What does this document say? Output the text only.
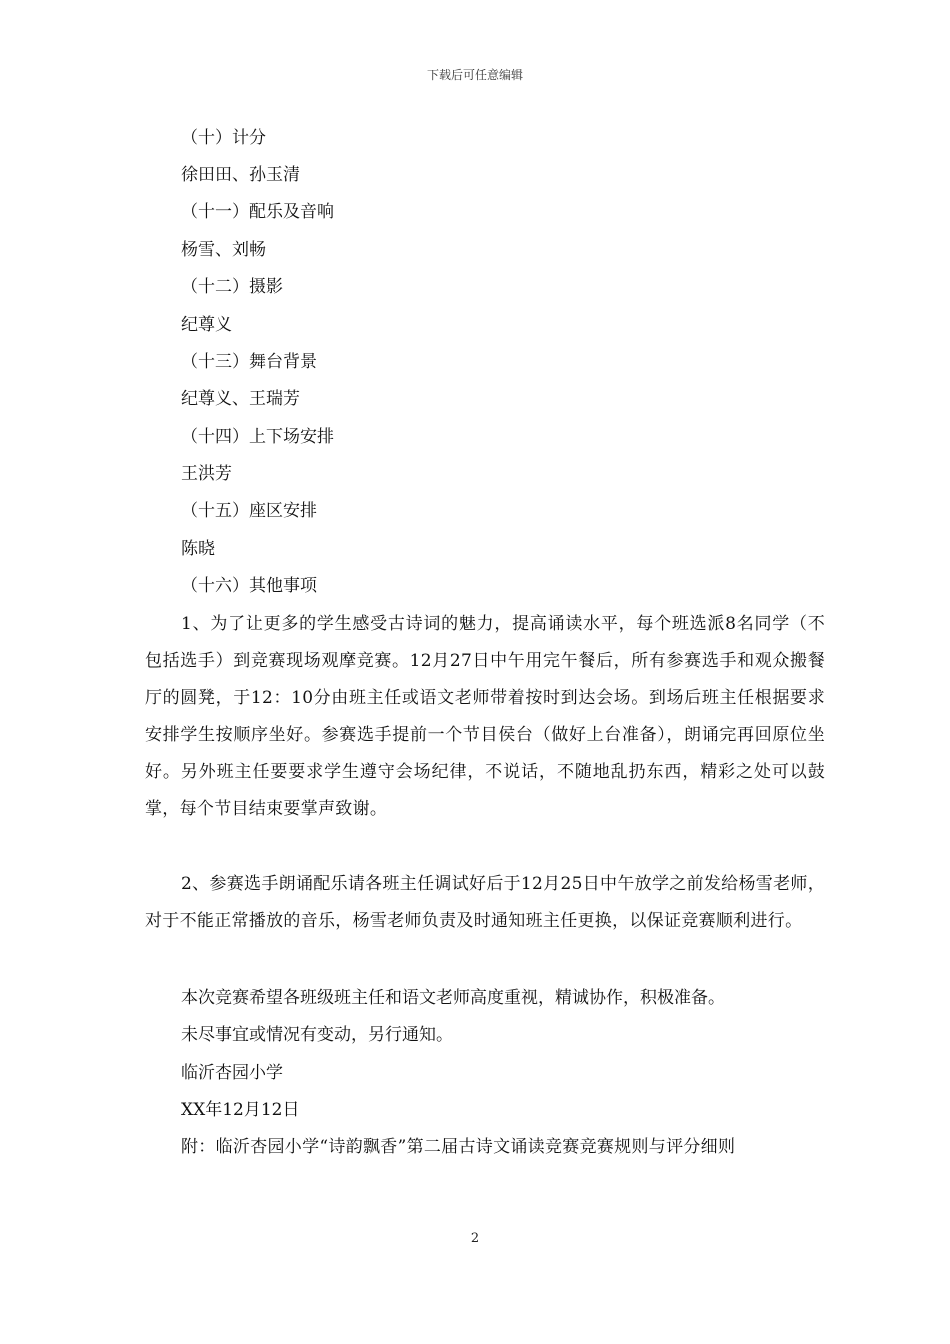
下载后可任意编辑
（十）计分
徐田田、孙玉清
（十一）配乐及音响
杨雪、刘畅
（十二）摄影
纪尊义
（十三）舞台背景
纪尊义、王瑞芳
（十四）上下场安排
王洪芳
（十五）座区安排
陈晓
（十六）其他事项
1、为了让更多的学生感受古诗词的魅力，提高诵读水平，每个班选派8名同学（不包括选手）到竞赛现场观摩竞赛。12月27日中午用完午餐后，所有参赛选手和观众搬餐厅的圆凳，于12：10分由班主任或语文老师带着按时到达会场。到场后班主任根据要求安排学生按顺序坐好。参赛选手提前一个节目侯台（做好上台准备），朗诵完再回原位坐好。另外班主任要要求学生遵守会场纪律，不说话，不随地乱扔东西，精彩之处可以鼓掌，每个节目结束要掌声致谢。
2、参赛选手朗诵配乐请各班主任调试好后于12月25日中午放学之前发给杨雪老师，对于不能正常播放的音乐，杨雪老师负责及时通知班主任更换，以保证竞赛顺利进行。
本次竞赛希望各班级班主任和语文老师高度重视，精诚协作，积极准备。
未尽事宜或情况有变动，另行通知。
临沂杏园小学
XX年12月12日
附：临沂杏园小学“诗韵飘香”第二届古诗文诵读竞赛竞赛规则与评分细则
2
